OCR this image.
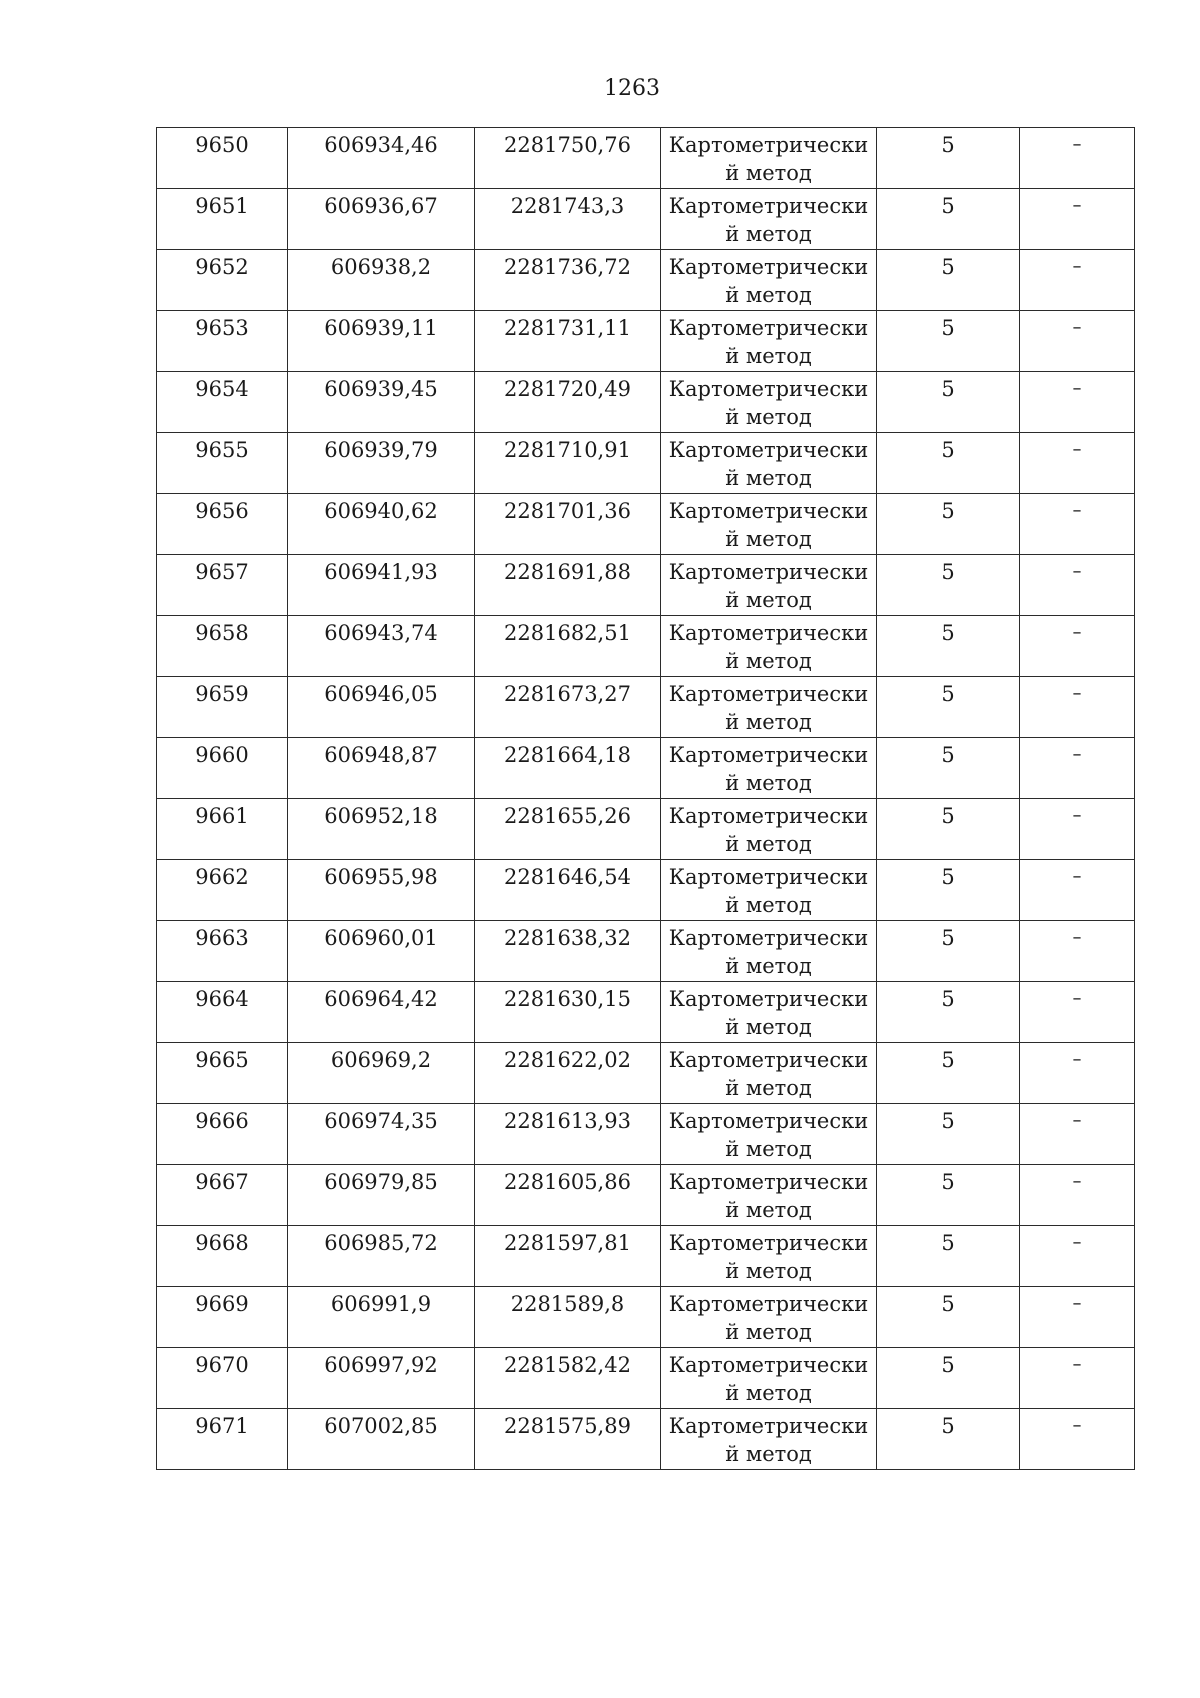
1263
9650	606934,46	2281750,76	Картометрически й метод	5	–
9651	606936,67	2281743,3	Картометрически й метод	5	–
9652	606938,2	2281736,72	Картометрически й метод	5	–
9653	606939,11	2281731,11	Картометрически й метод	5	–
9654	606939,45	2281720,49	Картометрически й метод	5	–
9655	606939,79	2281710,91	Картометрически й метод	5	–
9656	606940,62	2281701,36	Картометрически й метод	5	–
9657	606941,93	2281691,88	Картометрически й метод	5	–
9658	606943,74	2281682,51	Картометрически й метод	5	–
9659	606946,05	2281673,27	Картометрически й метод	5	–
9660	606948,87	2281664,18	Картометрически й метод	5	–
9661	606952,18	2281655,26	Картометрически й метод	5	–
9662	606955,98	2281646,54	Картометрически й метод	5	–
9663	606960,01	2281638,32	Картометрически й метод	5	–
9664	606964,42	2281630,15	Картометрически й метод	5	–
9665	606969,2	2281622,02	Картометрически й метод	5	–
9666	606974,35	2281613,93	Картометрически й метод	5	–
9667	606979,85	2281605,86	Картометрически й метод	5	–
9668	606985,72	2281597,81	Картометрически й метод	5	–
9669	606991,9	2281589,8	Картометрически й метод	5	–
9670	606997,92	2281582,42	Картометрически й метод	5	–
9671	607002,85	2281575,89	Картометрически й метод	5	–
